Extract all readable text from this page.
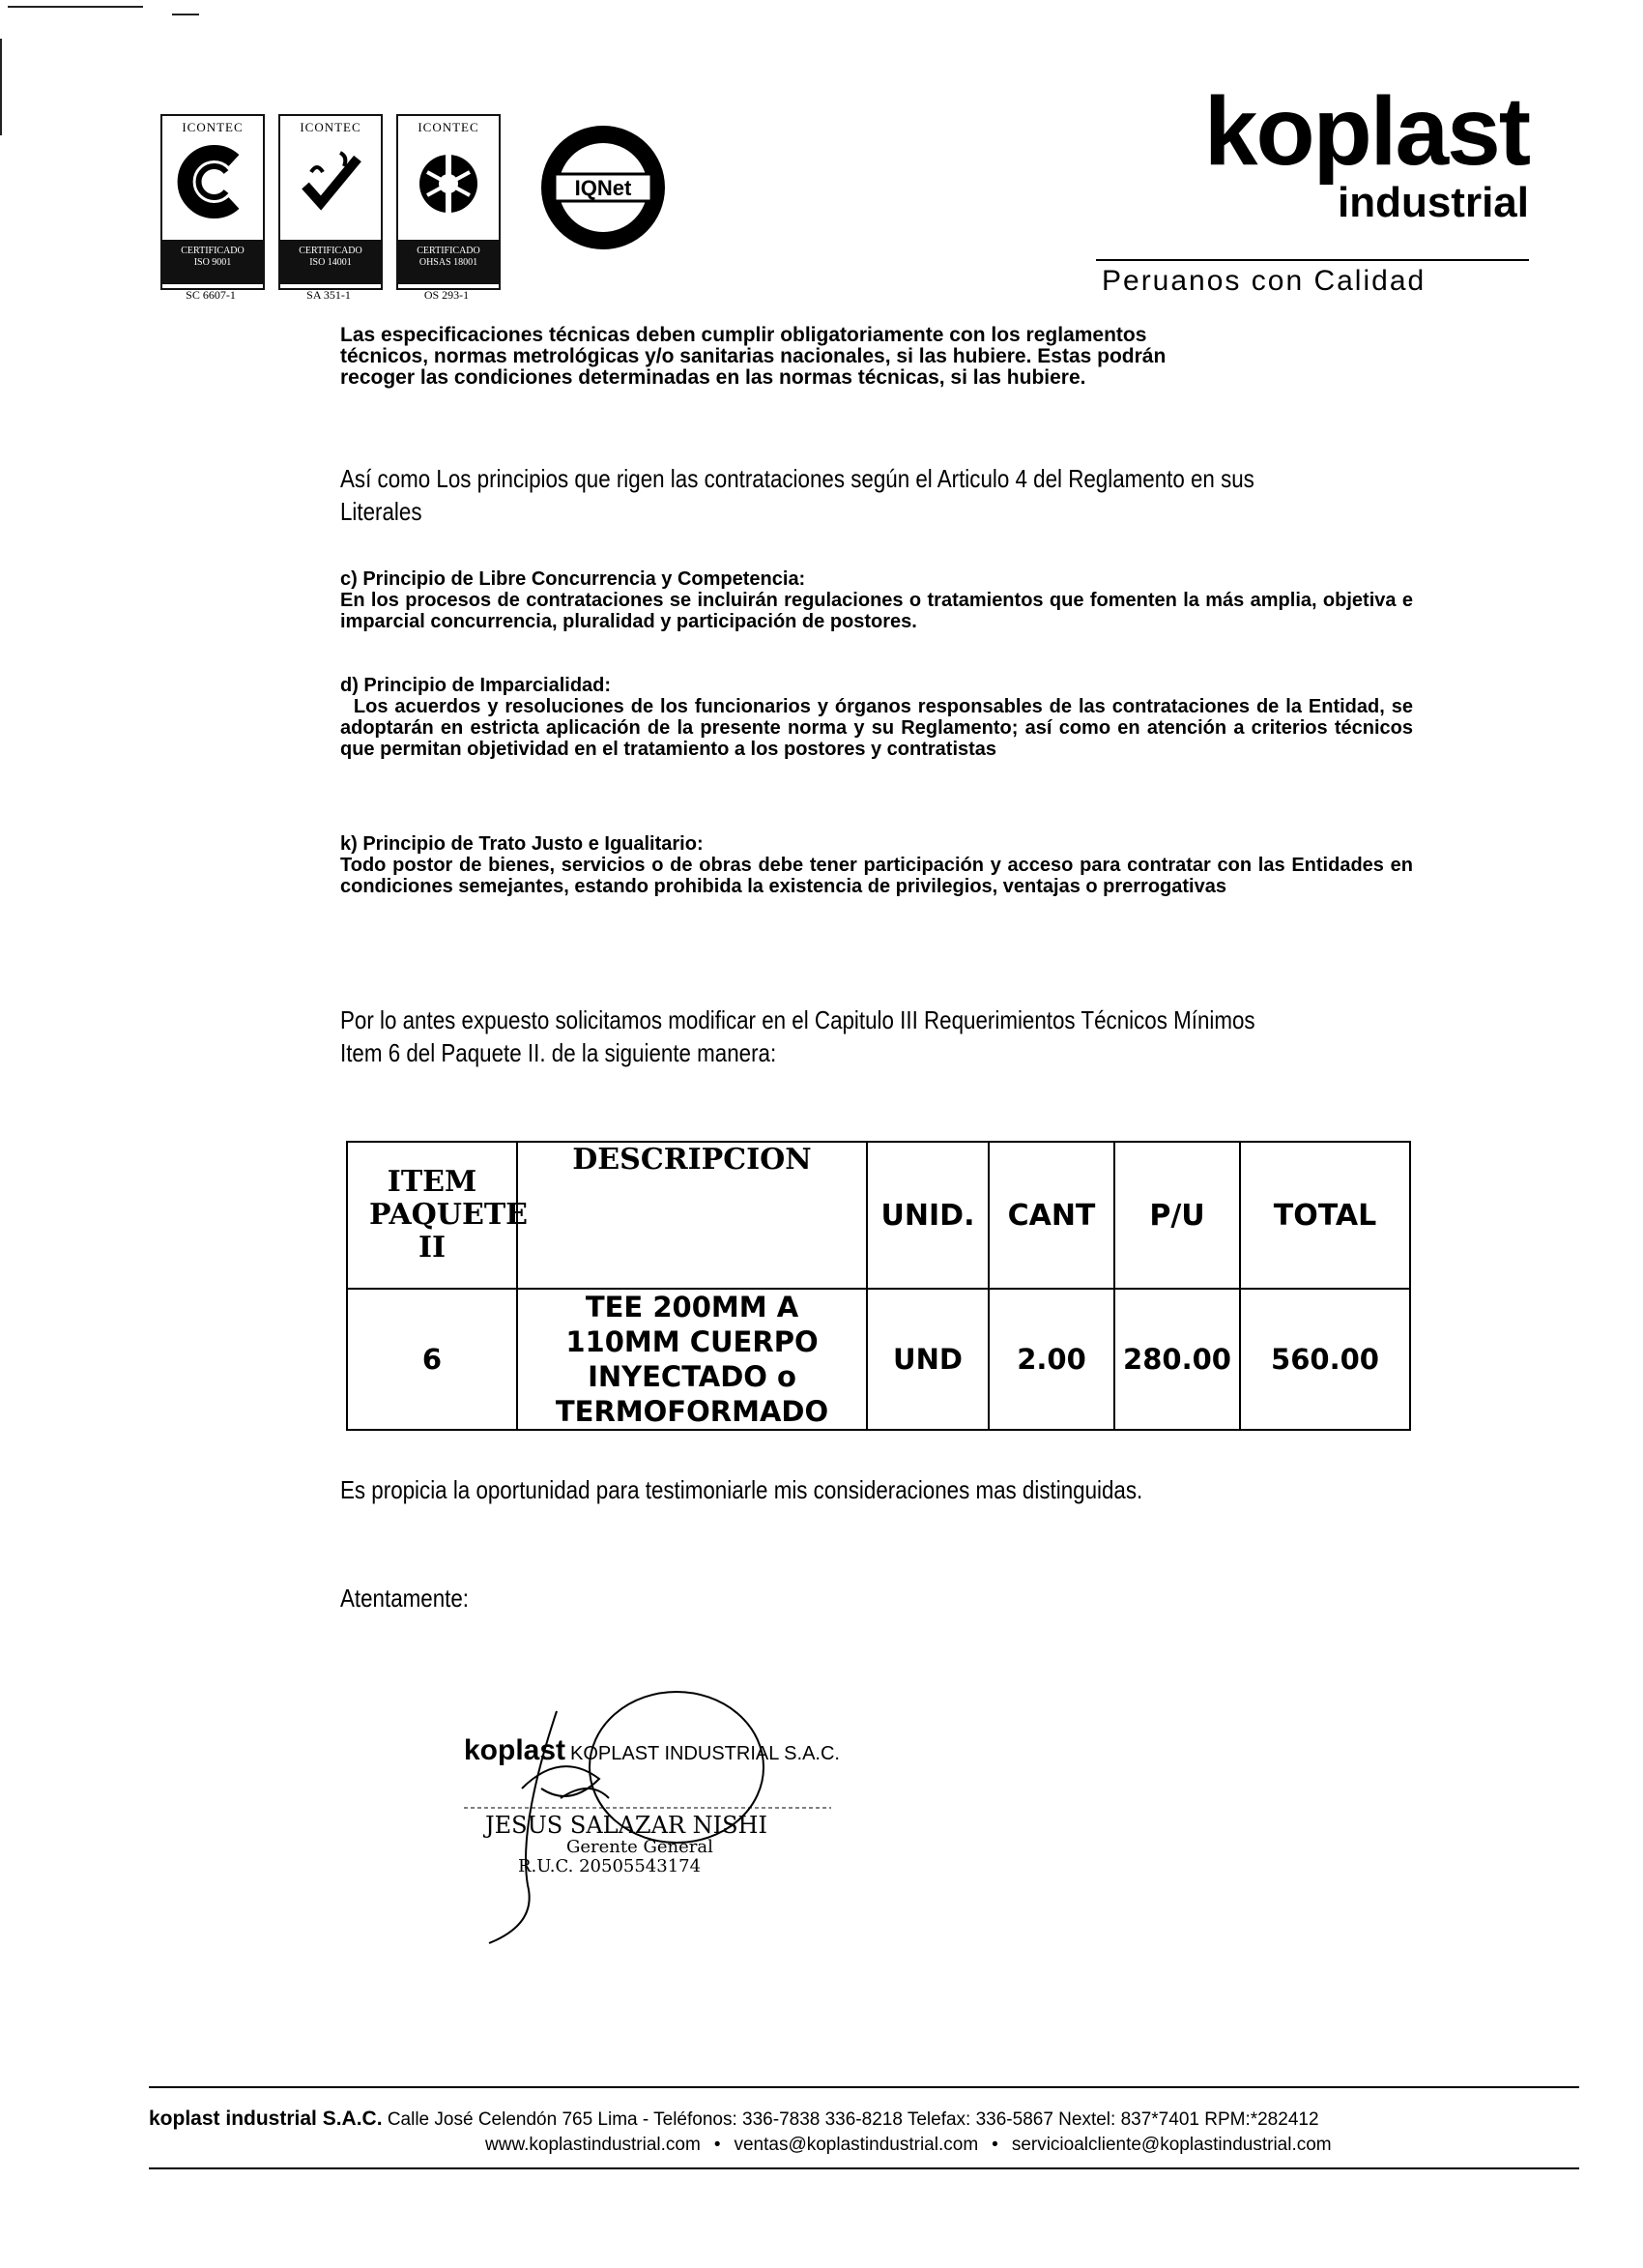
ICONTEC
CERTIFICADO
ISO 9001
SC 6607-1
ICONTEC
CERTIFICADO
ISO 14001
SA 351-1
ICONTEC
CERTIFICADO
OHSAS 18001
OS 293-1
IQNet
koplast
industrial
Peruanos con Calidad
Las especificaciones técnicas deben cumplir obligatoriamente con los reglamentos técnicos, normas metrológicas y/o sanitarias nacionales, si las hubiere. Estas podrán recoger las condiciones determinadas en las normas técnicas, si las hubiere.
Así como Los principios que rigen las contrataciones según el Articulo 4 del Reglamento en sus Literales
c) Principio de Libre Concurrencia y Competencia:
En los procesos de contrataciones se incluirán regulaciones o tratamientos que fomenten la más amplia, objetiva e imparcial concurrencia, pluralidad y participación de postores.
d) Principio de Imparcialidad:
Los acuerdos y resoluciones de los funcionarios y órganos responsables de las contrataciones de la Entidad, se adoptarán en estricta aplicación de la presente norma y su Reglamento; así como en atención a criterios técnicos que permitan objetividad en el tratamiento a los postores y contratistas
k) Principio de Trato Justo e Igualitario:
Todo postor de bienes, servicios o de obras debe tener participación y acceso para contratar con las Entidades en condiciones semejantes, estando prohibida la existencia de privilegios, ventajas o prerrogativas
Por lo antes expuesto solicitamos modificar en el Capitulo III Requerimientos Técnicos Mínimos Item 6 del Paquete II. de la siguiente manera:
ITEM PAQUETE II	DESCRIPCION	UNID.	CANT	P/U	TOTAL
6	TEE 200MM A 110MM CUERPO INYECTADO o TERMOFORMADO	UND	2.00	280.00	560.00
Es propicia la oportunidad para testimoniarle mis consideraciones mas distinguidas.
Atentamente:
koplast KOPLAST INDUSTRIAL S.A.C.
JESUS SALAZAR NISHI
Gerente General
R.U.C. 20505543174
koplast industrial S.A.C. Calle José Celendón 765 Lima - Teléfonos: 336-7838 336-8218 Telefax: 336-5867 Nextel: 837*7401 RPM:*282412
www.koplastindustrial.com • ventas@koplastindustrial.com • servicioalcliente@koplastindustrial.com
